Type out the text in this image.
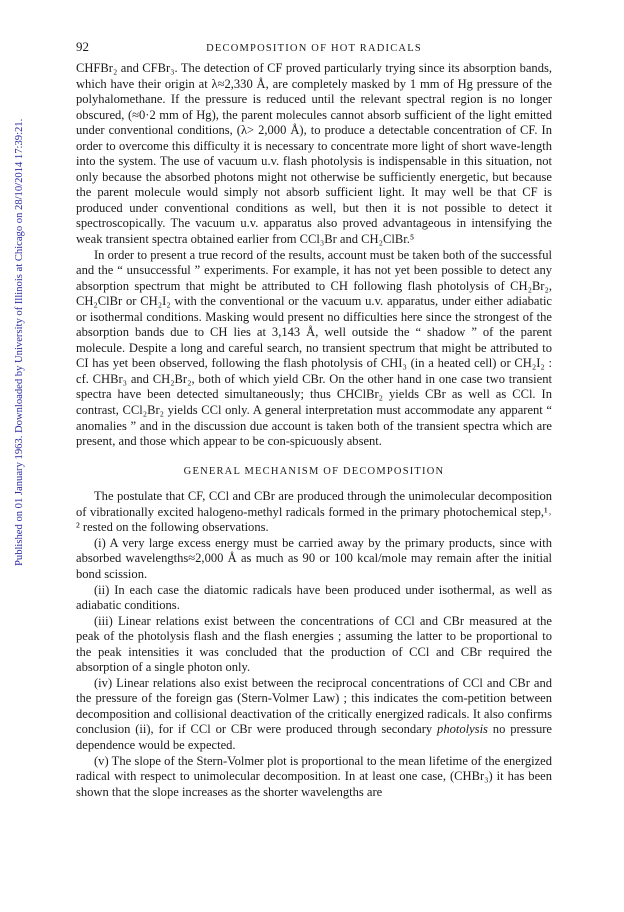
Published on 01 January 1963. Downloaded by University of Illinois at Chicago on 28/10/2014 17:39:21.
92	DECOMPOSITION OF HOT RADICALS

CHFBr₂ and CFBr₃. The detection of CF proved particularly trying since its absorption bands, which have their origin at λ≈2,330 Å, are completely masked by 1 mm of Hg pressure of the polyhalomethane. If the pressure is reduced until the relevant spectral region is no longer obscured, (≈0·2 mm of Hg), the parent molecules cannot absorb sufficient of the light emitted under conventional conditions, (λ> 2,000 Å), to produce a detectable concentration of CF. In order to overcome this difficulty it is necessary to concentrate more light of short wave-length into the system. The use of vacuum u.v. flash photolysis is indispensable in this situation, not only because the absorbed photons might not otherwise be sufficiently energetic, but because the parent molecule would simply not absorb sufficient light. It may well be that CF is produced under conventional conditions as well, but then it is not possible to detect it spectroscopically. The vacuum u.v. apparatus also proved advantageous in intensifying the weak transient spectra obtained earlier from CCl₃Br and CH₂ClBr.⁵

In order to present a true record of the results, account must be taken both of the successful and the “ unsuccessful ” experiments. For example, it has not yet been possible to detect any absorption spectrum that might be attributed to CH following flash photolysis of CH₂Br₂, CH₂ClBr or CH₂I₂ with the conventional or the vacuum u.v. apparatus, under either adiabatic or isothermal conditions. Masking would present no difficulties here since the strongest of the absorption bands due to CH lies at 3,143 Å, well outside the “ shadow ” of the parent molecule. Despite a long and careful search, no transient spectrum that might be attributed to CI has yet been observed, following the flash photolysis of CHI₃ (in a heated cell) or CH₂I₂ : cf. CHBr₃ and CH₂Br₂, both of which yield CBr. On the other hand in one case two transient spectra have been detected simultaneously; thus CHClBr₂ yields CBr as well as CCl. In contrast, CCl₂Br₂ yields CCl only. A general interpretation must accommodate any apparent “ anomalies ” and in the discussion due account is taken both of the transient spectra which are present, and those which appear to be con-spicuously absent.

GENERAL MECHANISM OF DECOMPOSITION

The postulate that CF, CCl and CBr are produced through the unimolecular decomposition of vibrationally excited halogeno-methyl radicals formed in the primary photochemical step,¹˒ ² rested on the following observations.

(i) A very large excess energy must be carried away by the primary products, since with absorbed wavelengths≈2,000 Å as much as 90 or 100 kcal/mole may remain after the initial bond scission.

(ii) In each case the diatomic radicals have been produced under isothermal, as well as adiabatic conditions.

(iii) Linear relations exist between the concentrations of CCl and CBr measured at the peak of the photolysis flash and the flash energies ; assuming the latter to be proportional to the peak intensities it was concluded that the production of CCl and CBr required the absorption of a single photon only.

(iv) Linear relations also exist between the reciprocal concentrations of CCl and CBr and the pressure of the foreign gas (Stern-Volmer Law) ; this indicates the com-petition between decomposition and collisional deactivation of the critically energized radicals. It also confirms conclusion (ii), for if CCl or CBr were produced through secondary photolysis no pressure dependence would be expected.

(v) The slope of the Stern-Volmer plot is proportional to the mean lifetime of the energized radical with respect to unimolecular decomposition. In at least one case, (CHBr₃) it has been shown that the slope increases as the shorter wavelengths are
